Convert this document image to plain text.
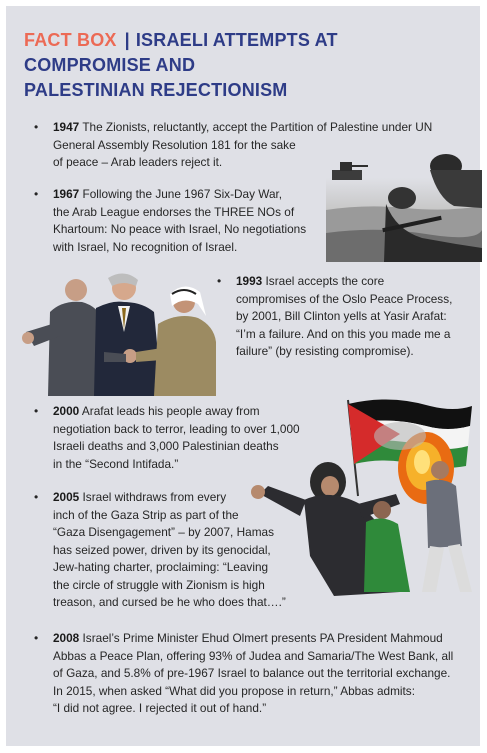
FACT BOX | ISRAELI ATTEMPTS AT COMPROMISE AND
PALESTINIAN REJECTIONISM
• 1947 The Zionists, reluctantly, accept the Partition of Palestine under UN
General Assembly Resolution 181 for the sake
of peace – Arab leaders reject it.
• 1967 Following the June 1967 Six-Day War,
the Arab League endorses the THREE NOs of
Khartoum: No peace with Israel, No negotiations
with Israel, No recognition of Israel.
• 1993 Israel accepts the core
compromises of the Oslo Peace Process,
by 2001, Bill Clinton yells at Yasir Arafat:
“I’m a failure. And on this you made me a
failure” (by resisting compromise).
• 2000 Arafat leads his people away from
negotiation back to terror, leading to over 1,000
Israeli deaths and 3,000 Palestinian deaths
in the “Second Intifada.”
• 2005 Israel withdraws from every
inch of the Gaza Strip as part of the
“Gaza Disengagement” – by 2007, Hamas
has seized power, driven by its genocidal,
Jew-hating charter, proclaiming: “Leaving
the circle of struggle with Zionism is high
treason, and cursed be he who does that….”
• 2008 Israel’s Prime Minister Ehud Olmert presents PA President Mahmoud
Abbas a Peace Plan, offering 93% of Judea and Samaria/The West Bank, all
of Gaza, and 5.8% of pre-1967 Israel to balance out the territorial exchange.
In 2015, when asked “What did you propose in return,” Abbas admits:
“I did not agree. I rejected it out of hand.”
